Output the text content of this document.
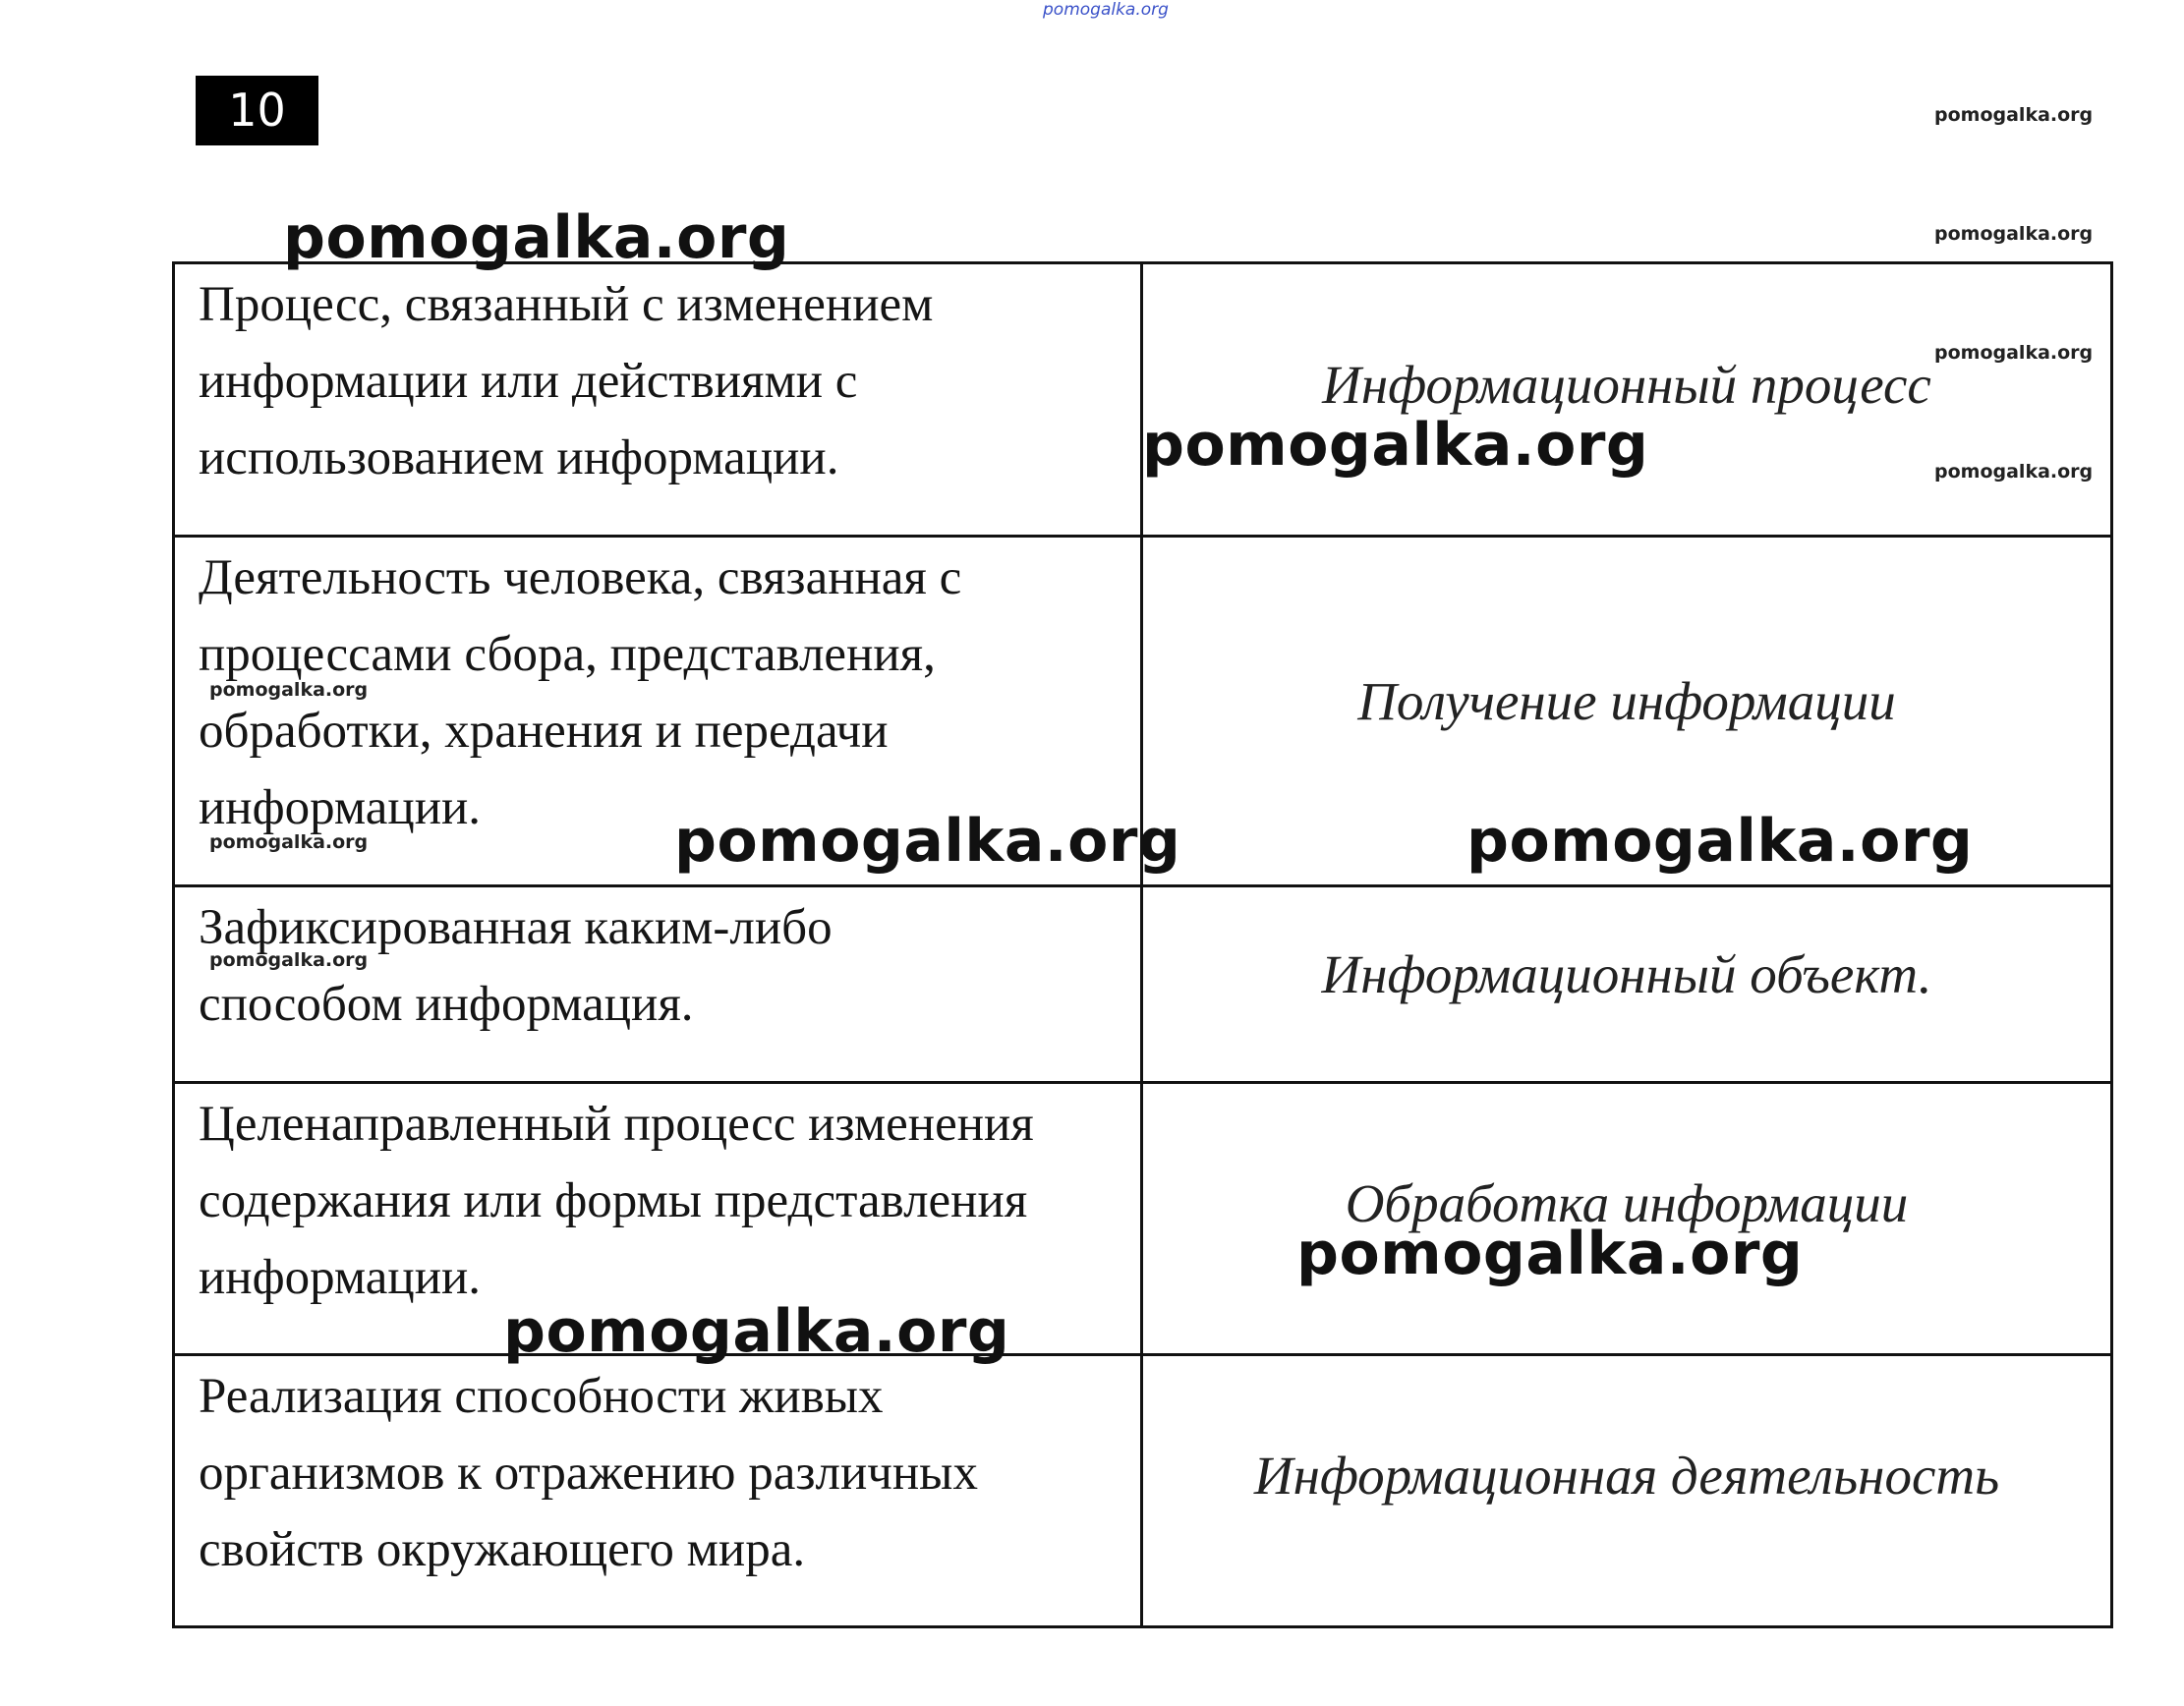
pomogalka.org
10
Процесс, связанный с изменением информации или действиями с использованием информации.	Информационный процесс

Деятельность человека, связанная с процессами сбора, представления, обработки, хранения и передачи информации.	Получение информации

Зафиксированная каким-либо способом информация.	Информационный объект.

Целенаправленный процесс изменения содержания или формы представления информации.	Обработка информации

Реализация способности живых организмов к отражению различных свойств окружающего мира.	Информационная деятельность
pomogalka.org
pomogalka.org
pomogalka.org	pomogalka.org
pomogalka.org
pomogalka.org
pomogalka.org
pomogalka.org
pomogalka.org
pomogalka.org
pomogalka.org
pomogalka.org
pomogalka.org
